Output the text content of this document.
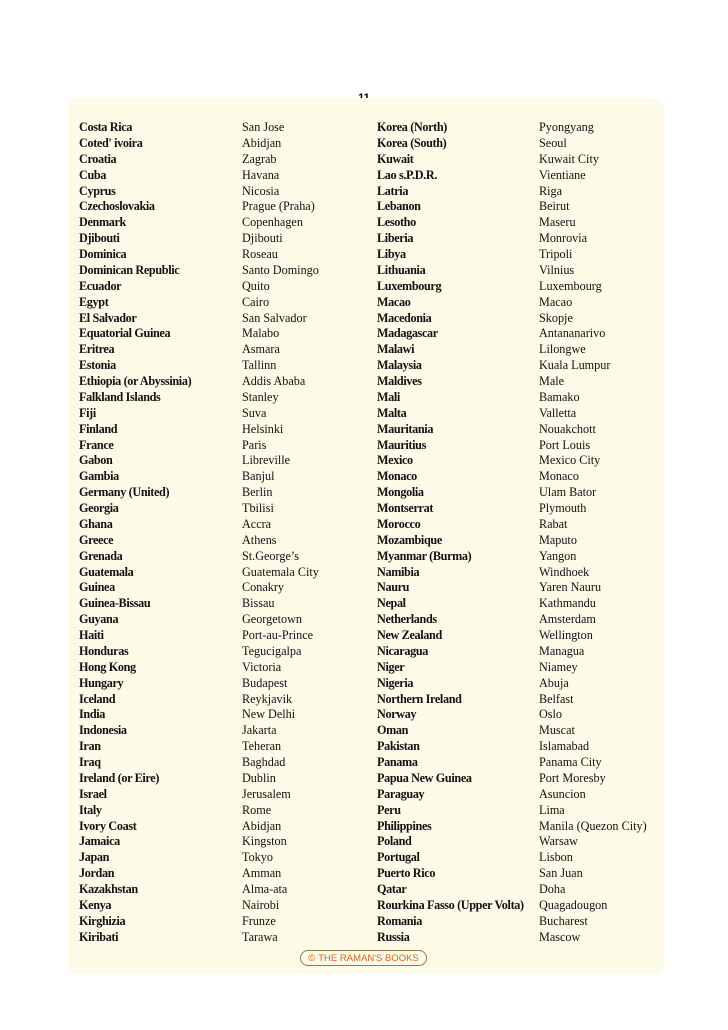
Costa Rica
Coted' ivoira
Croatia
Cuba
Cyprus
Czechoslovakia
Denmark
Djibouti
Dominica
Dominican Republic
Ecuador
Egypt
El Salvador
Equatorial Guinea
Eritrea
Estonia
Ethiopia (or Abyssinia)
Falkland Islands
Fiji
Finland
France
Gabon
Gambia
Germany (United)
Georgia
Ghana
Greece
Grenada
Guatemala
Guinea
Guinea-Bissau
Guyana
Haiti
Honduras
Hong Kong
Hungary
Iceland
India
Indonesia
Iran
Iraq
Ireland (or Eire)
Israel
Italy
Ivory Coast
Jamaica
Japan
Jordan
Kazakhstan
Kenya
Kirghizia
Kiribati
San Jose
Abidjan
Zagrab
Havana
Nicosia
Prague (Praha)
Copenhagen
Djibouti
Roseau
Santo Domingo
Quito
Cairo
San Salvador
Malabo
Asmara
Tallinn
Addis Ababa
Stanley
Suva
Helsinki
Paris
Libreville
Banjul
Berlin
Tbilisi
Accra
Athens
St.George’s
Guatemala City
Conakry
Bissau
Georgetown
Port-au-Prince
Tegucigalpa
Victoria
Budapest
Reykjavik
New Delhi
Jakarta
Teheran
Baghdad
Dublin
Jerusalem
Rome
Abidjan
Kingston
Tokyo
Amman
Alma-ata
Nairobi
Frunze
Tarawa
Korea (North)
Korea (South)
Kuwait
Lao s.P.D.R.
Latria
Lebanon
Lesotho
Liberia
Libya
Lithuania
Luxembourg
Macao
Macedonia
Madagascar
Malawi
Malaysia
Maldives
Mali
Malta
Mauritania
Mauritius
Mexico
Monaco
Mongolia
Montserrat
Morocco
Mozambique
Myanmar (Burma)
Namibia
Nauru
Nepal
Netherlands
New Zealand
Nicaragua
Niger
Nigeria
Northern Ireland
Norway
Oman
Pakistan
Panama
Papua New Guinea
Paraguay
Peru
Philippines
Poland
Portugal
Puerto Rico
Qatar
Rourkina Fasso (Upper Volta)
Romania
Russia
Pyongyang
Seoul
Kuwait City
Vientiane
Riga
Beirut
Maseru
Monrovia
Tripoli
Vilnius
Luxembourg
Macao
Skopje
Antananarivo
Lilongwe
Kuala Lumpur
Male
Bamako
Valletta
Nouakchott
Port Louis
Mexico City
Monaco
Ulam Bator
Plymouth
Rabat
Maputo
Yangon
Windhoek
Yaren Nauru
Kathmandu
Amsterdam
Wellington
Managua
Niamey
Abuja
Belfast
Oslo
Muscat
Islamabad
Panama City
Port Moresby
Asuncion
Lima
Manila (Quezon City)
Warsaw
Lisbon
San Juan
Doha
Quagadougon
Bucharest
Mascow
© THE RAMAN'S BOOKS
